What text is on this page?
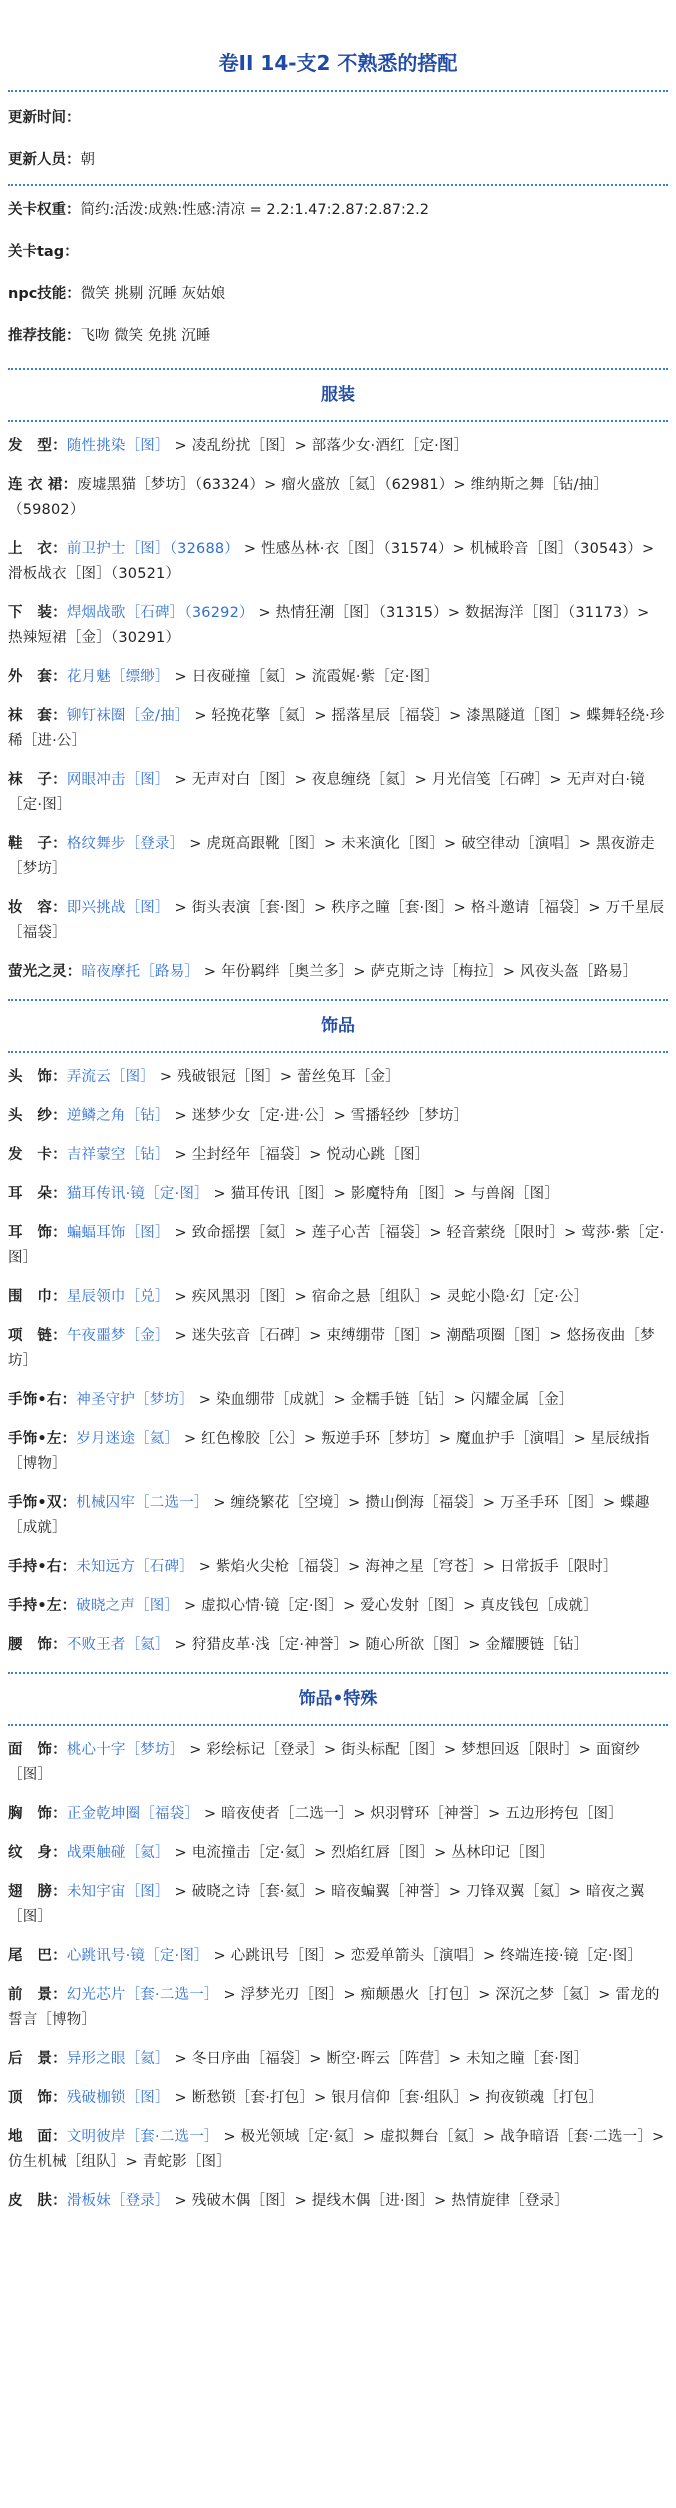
卷II 14-支2 不熟悉的搭配
更新时间：
更新人员：朝
关卡权重：简约:活泼:成熟:性感:清凉 = 2.2:1.47:2.87:2.87:2.2
关卡tag：
npc技能：微笑 挑剔 沉睡 灰姑娘
推荐技能：飞吻 微笑 免挑 沉睡
服装
发　型：随性挑染［图］ > 凌乱纷扰［图］> 部落少女·酒红［定·图］
连 衣 裙：废墟黑猫［梦坊］（63324）> 瘤火盛放［氦］（62981）> 维纳斯之舞［钻/抽］（59802）
上　衣：前卫护士［图］（32688） > 性感丛林·衣［图］（31574）> 机械聆音［图］（30543）> 滑板战衣［图］（30521）
下　装：焊烟战歌［石碑］（36292） > 热情狂潮［图］（31315）> 数据海洋［图］（31173）> 热辣短裙［金］（30291）
外　套：花月魅［缥缈］ > 日夜碰撞［氦］> 流霞娓·紫［定·图］
袜　套：铆钉袜圈［金/抽］ > 轻挽花擎［氦］> 摇落星辰［福袋］> 漆黑隧道［图］> 蝶舞轻绕·珍稀［进·公］
袜　子：网眼冲击［图］ > 无声对白［图］> 夜息缠绕［氦］> 月光信笺［石碑］> 无声对白·镜［定·图］
鞋　子：格纹舞步［登录］ > 虎斑高跟靴［图］> 未来演化［图］> 破空律动［演唱］> 黑夜游走［梦坊］
妆　容：即兴挑战［图］ > 街头表演［套·图］> 秩序之瞳［套·图］> 格斗邀请［福袋］> 万千星辰［福袋］
萤光之灵：暗夜摩托［路易］ > 年份羁绊［奥兰多］> 萨克斯之诗［梅拉］> 风夜头盔［路易］
饰品
头　饰：弄流云［图］ > 残破银冠［图］> 蕾丝兔耳［金］
头　纱：逆鳞之角［钻］ > 迷梦少女［定·进·公］> 雪播轻纱［梦坊］
发　卡：吉祥蒙空［钻］ > 尘封经年［福袋］> 悦动心跳［图］
耳　朵：猫耳传讯·镜［定·图］ > 猫耳传讯［图］> 影魔特角［图］> 与兽阁［图］
耳　饰：蝙蝠耳饰［图］ > 致命摇摆［氦］> 莲子心苦［福袋］> 轻音萦绕［限时］> 莺莎·紫［定·图］
围　巾：星辰领巾［兑］ > 疾风黑羽［图］> 宿命之悬［组队］> 灵蛇小隐·幻［定·公］
项　链：午夜噩梦［金］ > 迷失弦音［石碑］> 束缚绷带［图］> 潮酷项圈［图］> 悠扬夜曲［梦坊］
手饰•右：神圣守护［梦坊］ > 染血绷带［成就］> 金糯手链［钻］> 闪耀金属［金］
手饰•左：岁月迷途［氦］ > 红色橡胶［公］> 叛逆手环［梦坊］> 魔血护手［演唱］> 星辰绒指［博物］
手饰•双：机械囚牢［二选一］ > 缠绕繁花［空境］> 攒山倒海［福袋］> 万圣手环［图］> 蝶趣［成就］
手持•右：未知远方［石碑］ > 紫焰火尖枪［福袋］> 海神之星［穹苍］> 日常扳手［限时］
手持•左：破晓之声［图］ > 虚拟心情·镜［定·图］> 爱心发射［图］> 真皮钱包［成就］
腰　饰：不败王者［氦］ > 狩猎皮革·浅［定·神誉］> 随心所欲［图］> 金耀腰链［钻］
饰品•特殊
面　饰：桃心十字［梦坊］ > 彩绘标记［登录］> 街头标配［图］> 梦想回返［限时］> 面窗纱［图］
胸　饰：正金乾坤圈［福袋］ > 暗夜使者［二选一］> 炽羽臂环［神誉］> 五边形挎包［图］
纹　身：战栗触碰［氦］ > 电流撞击［定·氦］> 烈焰红唇［图］> 丛林印记［图］
翅　膀：未知宇宙［图］ > 破晓之诗［套·氦］> 暗夜蝙翼［神誉］> 刀锋双翼［氦］> 暗夜之翼［图］
尾　巴：心跳讯号·镜［定·图］ > 心跳讯号［图］> 恋爱单箭头［演唱］> 终端连接·镜［定·图］
前　景：幻光芯片［套·二选一］ > 浮梦光刃［图］> 痴颠愚火［打包］> 深沉之梦［氦］> 雷龙的誓言［博物］
后　景：异形之眼［氦］ > 冬日序曲［福袋］> 断空·晖云［阵营］> 未知之瞳［套·图］
顶　饰：残破枷锁［图］ > 断愁锁［套·打包］> 银月信仰［套·组队］> 拘夜锁魂［打包］
地　面：文明彼岸［套·二选一］ > 极光领域［定·氦］> 虚拟舞台［氦］> 战争暗语［套·二选一］> 仿生机械［组队］> 青蛇影［图］
皮　肤：滑板妹［登录］ > 残破木偶［图］> 提线木偶［进·图］> 热情旋律［登录］
